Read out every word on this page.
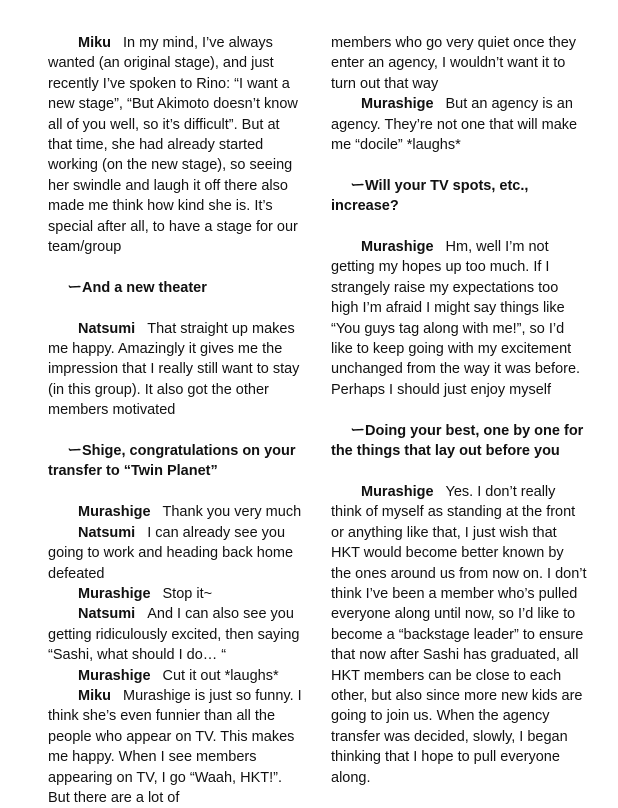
Miku In my mind, I’ve always wanted (an original stage), and just recently I’ve spoken to Rino: “I want a new stage”, “But Akimoto doesn’t know all of you well, so it’s difficult”. But at that time, she had already started working (on the new stage), so seeing her swindle and laugh it off there also made me think how kind she is. It’s special after all, to have a stage for our team/group

ーAnd a new theater

Natsumi That straight up makes me happy. Amazingly it gives me the impression that I really still want to stay (in this group). It also got the other members motivated

ーShige, congratulations on your transfer to “Twin Planet”

Murashige Thank you very much

Natsumi I can already see you going to work and heading back home defeated

Murashige Stop it~

Natsumi And I can also see you getting ridiculously excited, then saying “Sashi, what should I do… “

Murashige Cut it out *laughs*

Miku Murashige is just so funny. I think she’s even funnier than all the people who appear on TV. This makes me happy. When I see members appearing on TV, I go “Waah, HKT!”. But there are a lot of

members who go very quiet once they enter an agency, I wouldn’t want it to turn out that way

Murashige But an agency is an agency. They’re not one that will make me “docile” *laughs*

ーWill your TV spots, etc., increase?

Murashige Hm, well I’m not getting my hopes up too much. If I strangely raise my expectations too high I’m afraid I might say things like “You guys tag along with me!”, so I’d like to keep going with my excitement unchanged from the way it was before. Perhaps I should just enjoy myself

ーDoing your best, one by one for the things that lay out before you

Murashige Yes. I don’t really think of myself as standing at the front or anything like that, I just wish that HKT would become better known by the ones around us from now on. I don’t think I’ve been a member who’s pulled everyone along until now, so I’d like to become a “backstage leader” to ensure that now after Sashi has graduated, all HKT members can be close to each other, but also since more new kids are going to join us. When the agency transfer was decided, slowly, I began thinking that I hope to pull everyone along.
